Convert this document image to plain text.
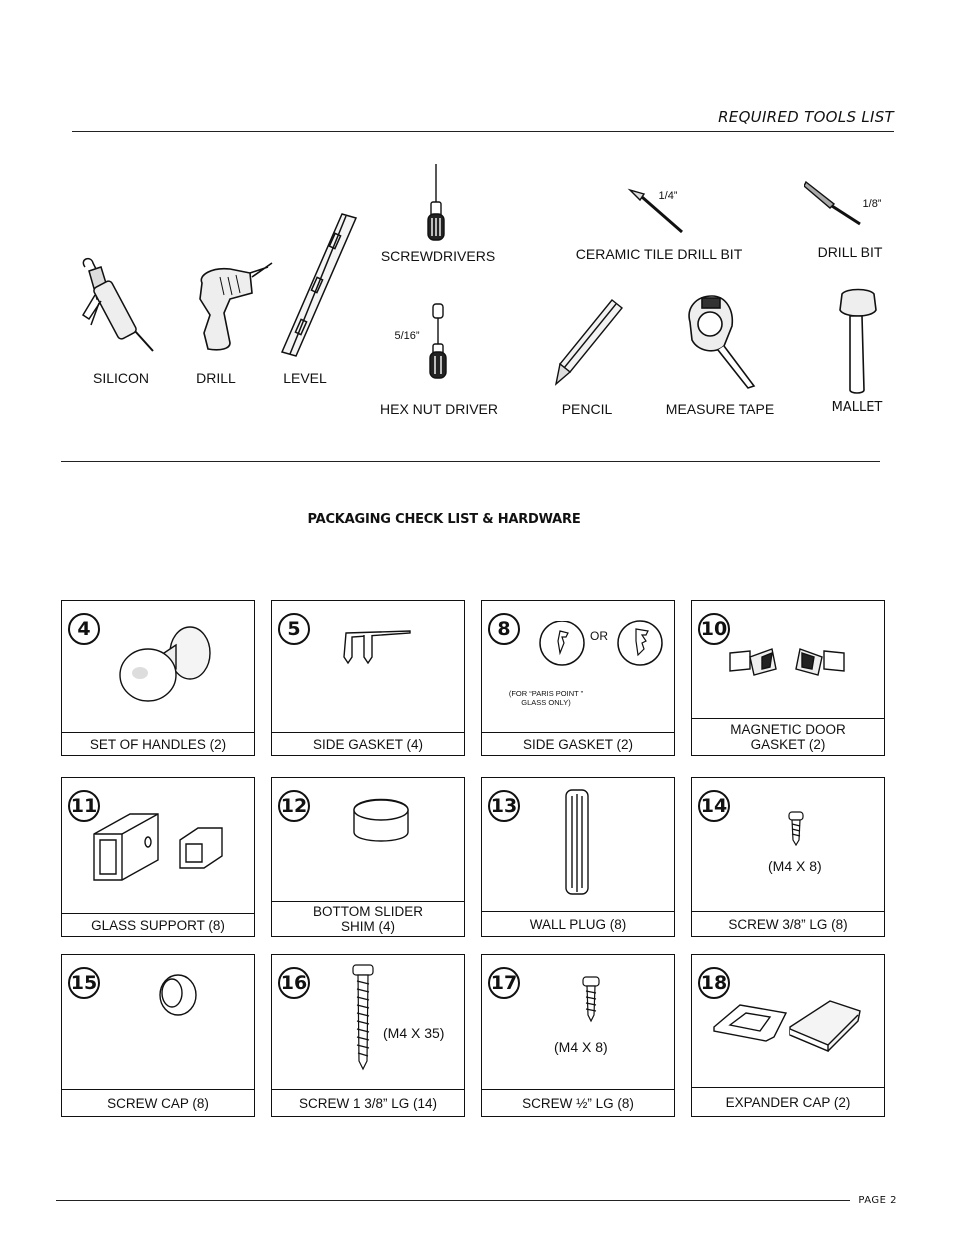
REQUIRED TOOLS LIST
SILICON	DRILL	LEVEL
SCREWDRIVERS
5/16”
HEX NUT DRIVER
1/4”
CERAMIC TILE DRILL BIT
1/8”
DRILL BIT
PENCIL	MEASURE TAPE	MALLET
PACKAGING CHECK LIST & HARDWARE
4
SET OF HANDLES (2)
5
SIDE GASKET (4)
8	OR
(FOR “PARIS POINT ” GLASS ONLY)
SIDE GASKET (2)
10
MAGNETIC DOOR GASKET (2)
11
GLASS SUPPORT (8)
12
BOTTOM SLIDER SHIM (4)
13
WALL PLUG (8)
14
(M4 X 8)
SCREW 3/8” LG (8)
15
SCREW CAP (8)
16
(M4 X 35)
SCREW 1 3/8” LG (14)
17
(M4 X 8)
SCREW ½” LG (8)
18
EXPANDER CAP (2)
PAGE 2
